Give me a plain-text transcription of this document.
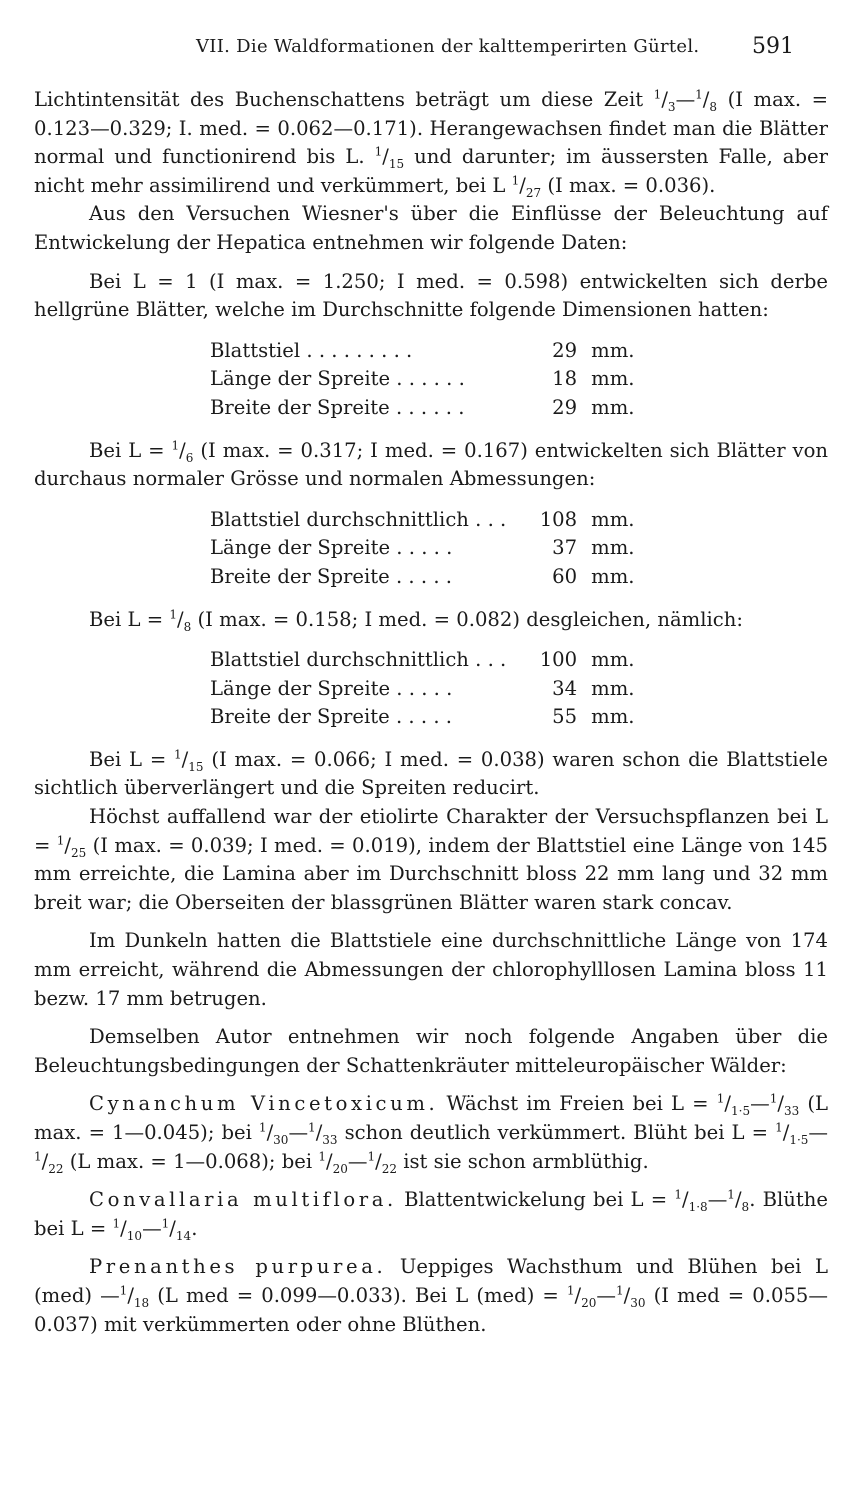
VII. Die Waldformationen der kalttemperirten Gürtel. 591

Lichtintensität des Buchenschattens beträgt um diese Zeit $^1/_3—^1/_8$ (I max. = 0.123—0.329; I. med. = 0.062—0.171). Herangewachsen findet man die Blätter normal und functionirend bis L. $^1/_{15}$ und darunter; im äussersten Falle, aber nicht mehr assimilirend und verkümmert, bei L $^1/_{27}$ (I max. = 0.036).

Aus den Versuchen Wiesner's über die Einflüsse der Beleuchtung auf Entwickelung der Hepatica entnehmen wir folgende Daten:

Bei L = 1 (I max. = 1.250; I med. = 0.598) entwickelten sich derbe hellgrüne Blätter, welche im Durchschnitte folgende Dimensionen hatten:

Blattstiel . . . . . . . . .	29 mm.
Länge der Spreite . . . . . .	18 mm.
Breite der Spreite . . . . . .	29 mm.

Bei $L = ^1/_6$ (I max. = 0.317; I med. = 0.167) entwickelten sich Blätter von durchaus normaler Grösse und normalen Abmessungen:

Blattstiel durchschnittlich . . .	108 mm.
Länge der Spreite . . . . .	37 mm.
Breite der Spreite . . . . .	60 mm.

Bei $L = ^1/_8$ (I max. = 0.158; I med. = 0.082) desgleichen, nämlich:

Blattstiel durchschnittlich . . .	100 mm.
Länge der Spreite . . . . .	34 mm.
Breite der Spreite . . . . .	55 mm.

Bei $L = ^1/_{15}$ (I max. = 0.066; I med. = 0.038) waren schon die Blattstiele sichtlich überverlängert und die Spreiten reducirt.

Höchst auffallend war der etiolirte Charakter der Versuchspflanzen bei $L = ^1/_{25}$ (I max. = 0.039; I med. = 0.019), indem der Blattstiel eine Länge von 145 mm erreichte, die Lamina aber im Durchschnitt bloss 22 mm lang und 32 mm breit war; die Oberseiten der blassgrünen Blätter waren stark concav.

Im Dunkeln hatten die Blattstiele eine durchschnittliche Länge von 174 mm erreicht, während die Abmessungen der chlorophylllosen Lamina bloss 11 bezw. 17 mm betrugen.

Demselben Autor entnehmen wir noch folgende Angaben über die Beleuchtungsbedingungen der Schattenkräuter mitteleuropäischer Wälder:

Cynanchum Vincetoxicum. Wächst im Freien bei $L = ^1/_{1\cdot 5}—^1/_{33}$ (L max. = 1—0.045); bei $^1/_{30}—^1/_{33}$ schon deutlich verkümmert. Blüht bei $L = ^1/_{1\cdot 5}—^1/_{22}$ (L max. = 1—0.068); bei $^1/_{20}—^1/_{22}$ ist sie schon armblüthig.

Convallaria multiflora. Blattentwickelung bei $L = ^1/_{1\cdot 8}—^1/_8$. Blüthe bei $L = ^1/_{10}—^1/_{14}$.

Prenanthes purpurea. Ueppiges Wachsthum und Blühen bei L (med) $—^1/_{18}$ (L med = 0.099—0.033). Bei L $(med) = ^1/_{20}—^1/_{30}$ (I med = 0.055—0.037) mit verkümmerten oder ohne Blüthen.
